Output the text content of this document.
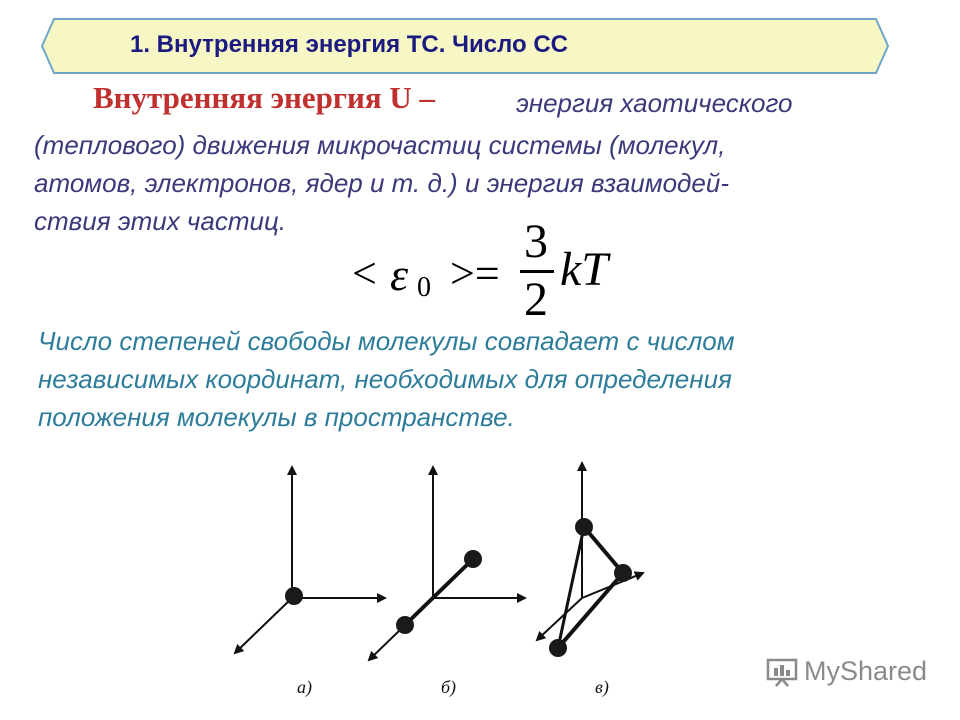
1. Внутренняя энергия ТС. Число СС
Внутренняя энергия U –	энергия хаотического
(теплового) движения микрочастиц системы (молекул,
атомов, электронов, ядер и т. д.) и энергия взаимодей-
ствия этих частиц.
< ε 0 >=
3
2
kT
Число степеней свободы молекулы совпадает с числом
независимых координат, необходимых для определения
положения молекулы в пространстве.
а)	б)	в)
MyShared
